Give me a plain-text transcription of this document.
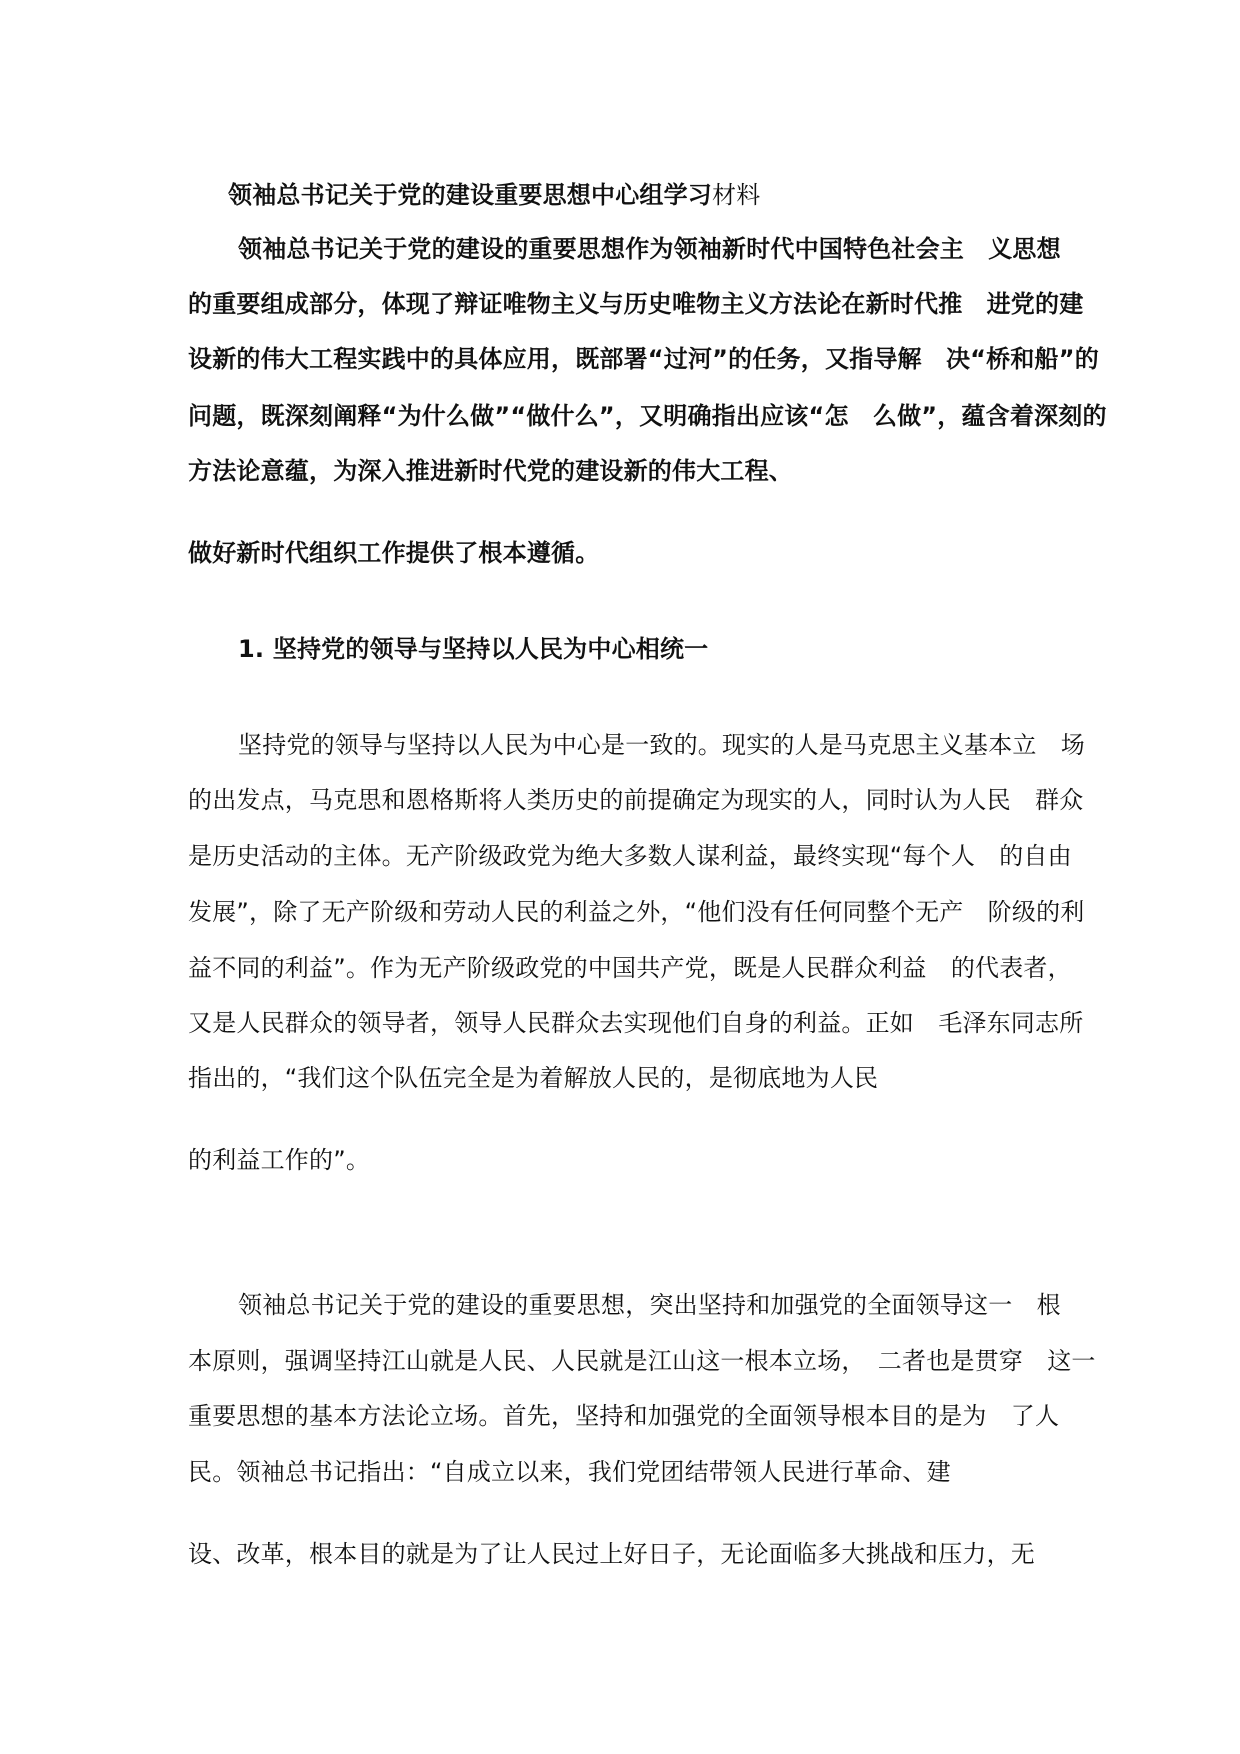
领袖总书记关于党的建设重要思想中心组学习材料
领袖总书记关于党的建设的重要思想作为领袖新时代中国特色社会主　义思想
的重要组成部分，体现了辩证唯物主义与历史唯物主义方法论在新时代推　进党的建
设新的伟大工程实践中的具体应用，既部署“过河”的任务，又指导解　决“桥和船”的
问题，既深刻阐释“为什么做”“做什么”，又明确指出应该“怎　么做”，蕴含着深刻的
方法论意蕴，为深入推进新时代党的建设新的伟大工程、
做好新时代组织工作提供了根本遵循。
1. 坚持党的领导与坚持以人民为中心相统一
坚持党的领导与坚持以人民为中心是一致的。现实的人是马克思主义基本立　场
的出发点，马克思和恩格斯将人类历史的前提确定为现实的人，同时认为人民　群众
是历史活动的主体。无产阶级政党为绝大多数人谋利益，最终实现“每个人　的自由
发展”，除了无产阶级和劳动人民的利益之外，“他们没有任何同整个无产　阶级的利
益不同的利益”。作为无产阶级政党的中国共产党，既是人民群众利益　的代表者，
又是人民群众的领导者，领导人民群众去实现他们自身的利益。正如　毛泽东同志所
指出的，“我们这个队伍完全是为着解放人民的，是彻底地为人民
的利益工作的”。
领袖总书记关于党的建设的重要思想，突出坚持和加强党的全面领导这一　根
本原则，强调坚持江山就是人民、人民就是江山这一根本立场，　二者也是贯穿　这一
重要思想的基本方法论立场。首先，坚持和加强党的全面领导根本目的是为　了人
民。领袖总书记指出：“自成立以来，我们党团结带领人民进行革命、建
设、改革，根本目的就是为了让人民过上好日子，无论面临多大挑战和压力，无
